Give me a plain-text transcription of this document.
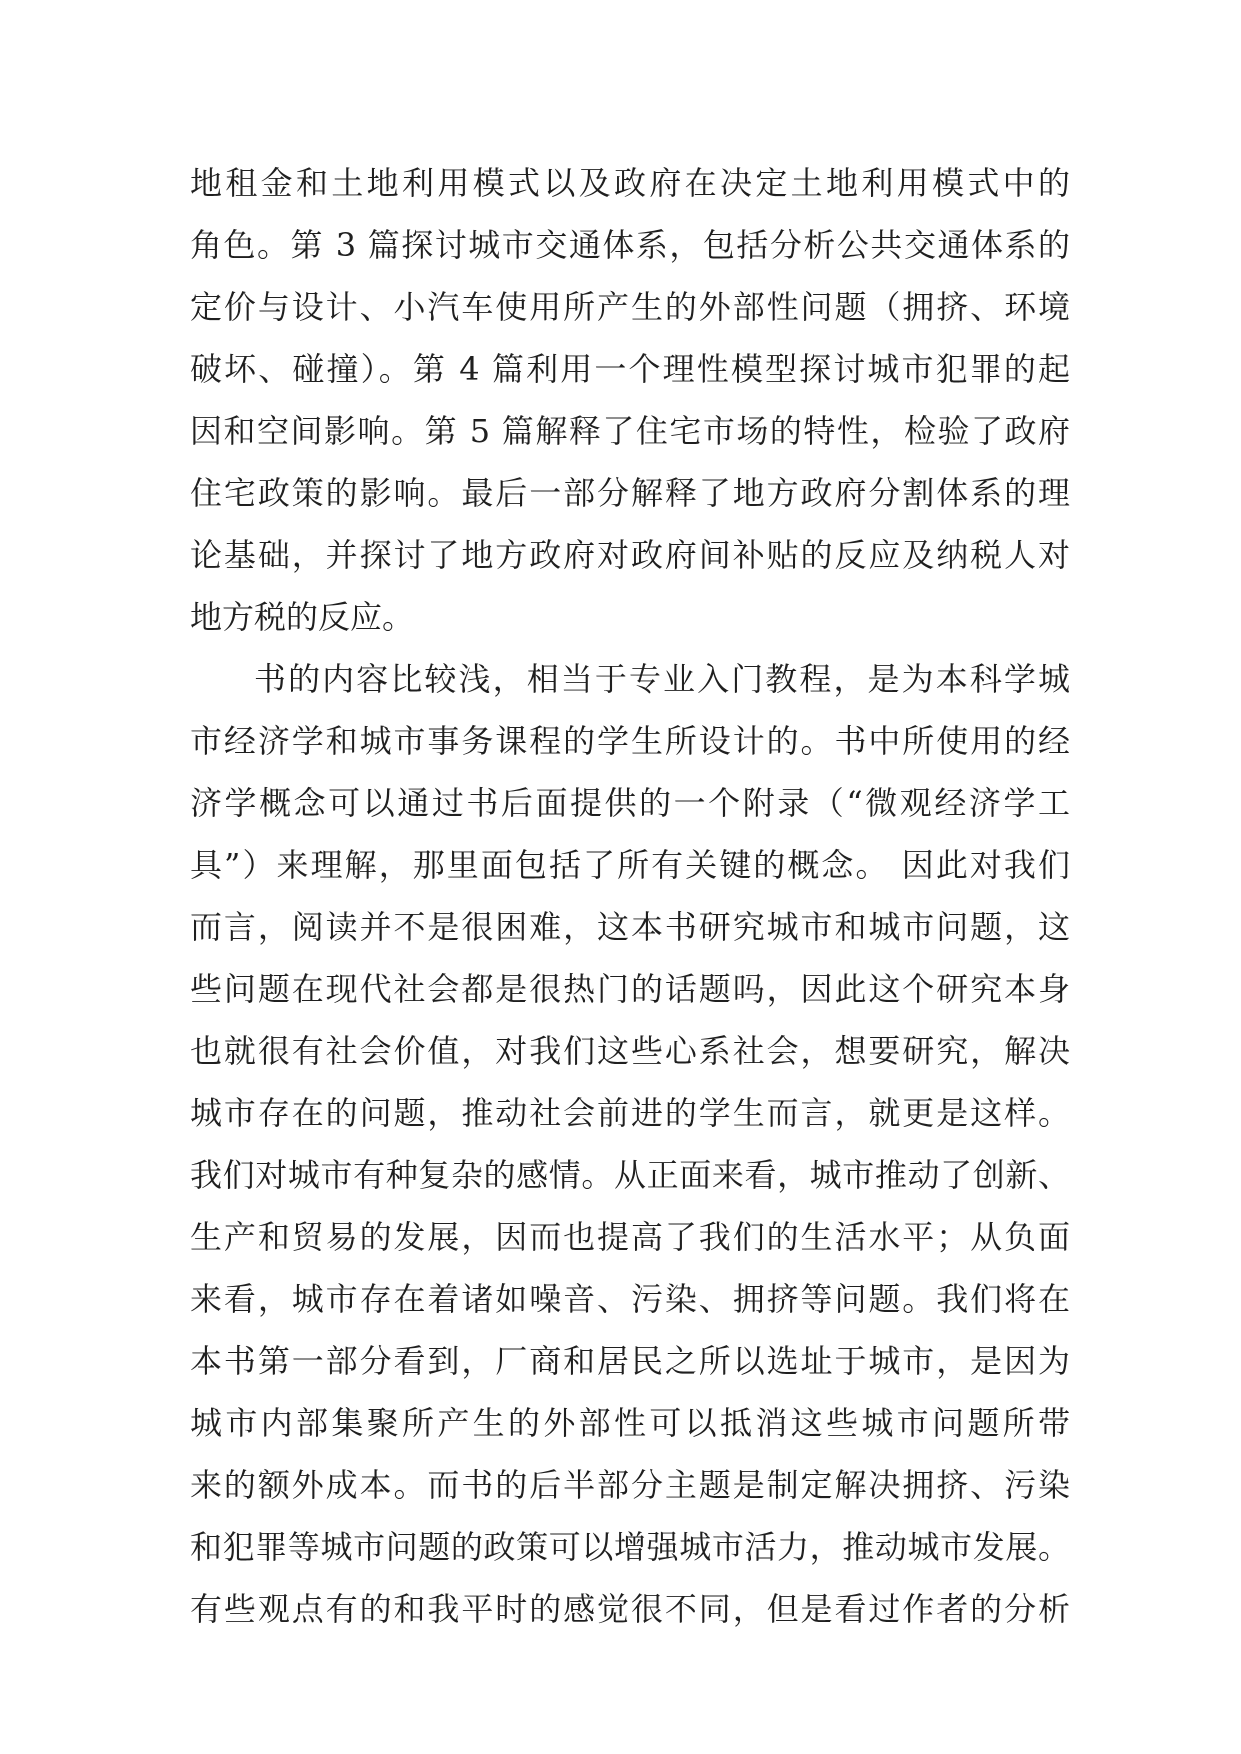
地租金和土地利用模式以及政府在决定土地利用模式中的
角色。第 3 篇探讨城市交通体系，包括分析公共交通体系的
定价与设计、小汽车使用所产生的外部性问题（拥挤、环境
破坏、碰撞）。第 4 篇利用一个理性模型探讨城市犯罪的起
因和空间影响。第 5 篇解释了住宅市场的特性，检验了政府
住宅政策的影响。最后一部分解释了地方政府分割体系的理
论基础，并探讨了地方政府对政府间补贴的反应及纳税人对
地方税的反应。
书的内容比较浅，相当于专业入门教程，是为本科学城
市经济学和城市事务课程的学生所设计的。书中所使用的经
济学概念可以通过书后面提供的一个附录（“微观经济学工
具”）来理解，那里面包括了所有关键的概念。 因此对我们
而言，阅读并不是很困难，这本书研究城市和城市问题，这
些问题在现代社会都是很热门的话题吗，因此这个研究本身
也就很有社会价值，对我们这些心系社会，想要研究，解决
城市存在的问题，推动社会前进的学生而言，就更是这样。
我们对城市有种复杂的感情。从正面来看，城市推动了创新、
生产和贸易的发展，因而也提高了我们的生活水平；从负面
来看，城市存在着诸如噪音、污染、拥挤等问题。我们将在
本书第一部分看到，厂商和居民之所以选址于城市，是因为
城市内部集聚所产生的外部性可以抵消这些城市问题所带
来的额外成本。而书的后半部分主题是制定解决拥挤、污染
和犯罪等城市问题的政策可以增强城市活力，推动城市发展。
有些观点有的和我平时的感觉很不同，但是看过作者的分析
